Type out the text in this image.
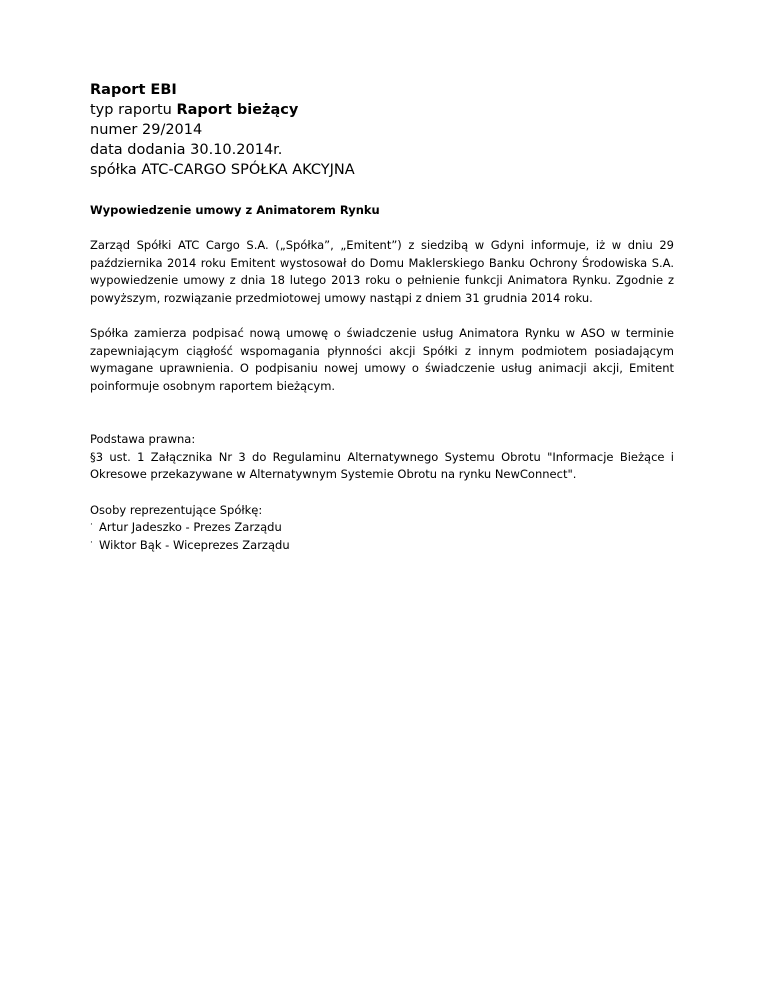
Raport EBI
typ raportu Raport bieżący
numer 29/2014
data dodania 30.10.2014r.
spółka ATC-CARGO SPÓŁKA AKCYJNA
Wypowiedzenie umowy z Animatorem Rynku

Zarząd Spółki ATC Cargo S.A. („Spółka”, „Emitent”) z siedzibą w Gdyni informuje, iż w dniu 29 października 2014 roku Emitent wystosował do Domu Maklerskiego Banku Ochrony Środowiska S.A. wypowiedzenie umowy z dnia 18 lutego 2013 roku o pełnienie funkcji Animatora Rynku. Zgodnie z powyższym, rozwiązanie przedmiotowej umowy nastąpi z dniem 31 grudnia 2014 roku.

Spółka zamierza podpisać nową umowę o świadczenie usług Animatora Rynku w ASO w terminie zapewniającym ciągłość wspomagania płynności akcji Spółki z innym podmiotem posiadającym wymagane uprawnienia. O podpisaniu nowej umowy o świadczenie usług animacji akcji, Emitent poinformuje osobnym raportem bieżącym.

Podstawa prawna:

§3 ust. 1 Załącznika Nr 3 do Regulaminu Alternatywnego Systemu Obrotu "Informacje Bieżące i Okresowe przekazywane w Alternatywnym Systemie Obrotu na rynku NewConnect".

Osoby reprezentujące Spółkę:
· Artur Jadeszko - Prezes Zarządu
· Wiktor Bąk - Wiceprezes Zarządu
